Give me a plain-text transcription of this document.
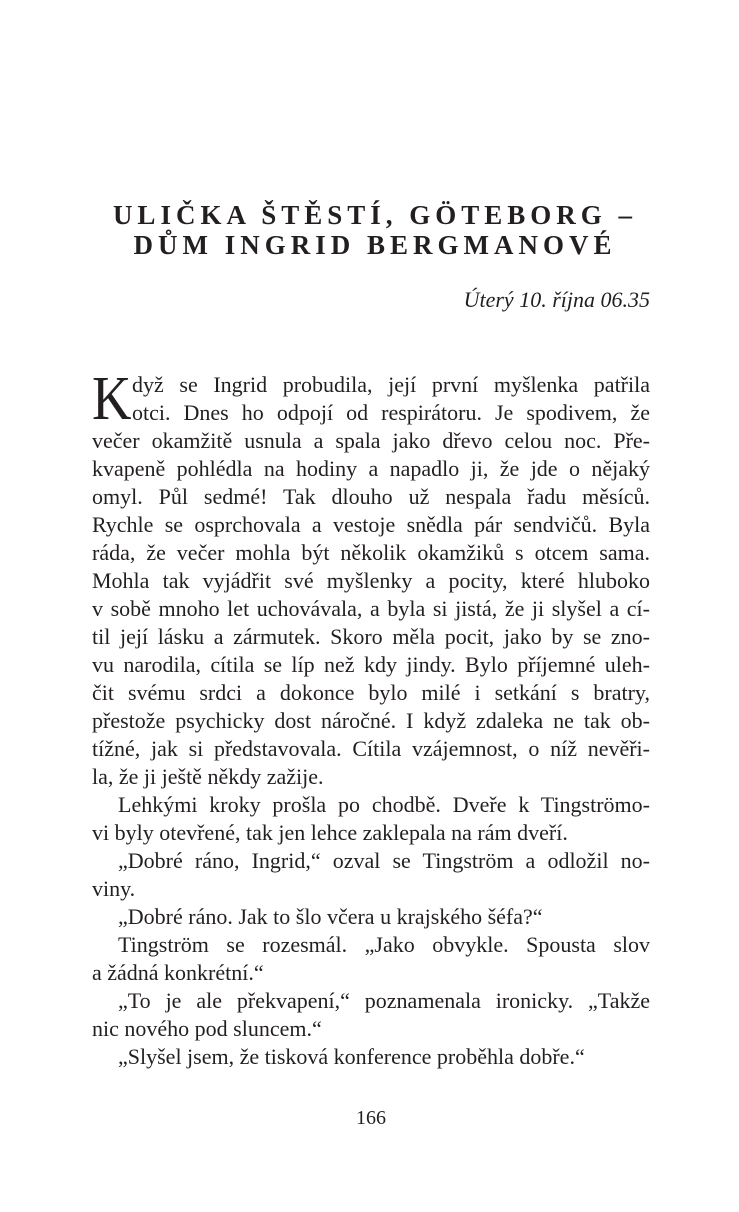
ULIČKA ŠTĚSTÍ, GÖTEBORG –
DŮM INGRID BERGMANOVÉ
Úterý 10. října 06.35
K dyž se Ingrid probudila, její první myšlenka patřila
otci. Dnes ho odpojí od respirátoru. Je spodivem, že
večer okamžitě usnula a spala jako dřevo celou noc. Pře-
kvapeně pohlédla na hodiny a napadlo ji, že jde o nějaký
omyl. Půl sedmé! Tak dlouho už nespala řadu měsíců.
Rychle se osprchovala a vestoje snědla pár sendvičů. Byla
ráda, že večer mohla být několik okamžiků s otcem sama.
Mohla tak vyjádřit své myšlenky a pocity, které hluboko
v sobě mnoho let uchovávala, a byla si jistá, že ji slyšel a cí-
til její lásku a zármutek. Skoro měla pocit, jako by se zno-
vu narodila, cítila se líp než kdy jindy. Bylo příjemné uleh-
čit svému srdci a dokonce bylo milé i setkání s bratry,
přestože psychicky dost náročné. I když zdaleka ne tak ob-
tížné, jak si představovala. Cítila vzájemnost, o níž nevěři-
la, že ji ještě někdy zažije.
Lehkými kroky prošla po chodbě. Dveře k Tingströmo-
vi byly otevřené, tak jen lehce zaklepala na rám dveří.
„Dobré ráno, Ingrid,“ ozval se Tingström a odložil no-
viny.
„Dobré ráno. Jak to šlo včera u krajského šéfa?“
Tingström se rozesmál. „Jako obvykle. Spousta slov
a žádná konkrétní.“
„To je ale překvapení,“ poznamenala ironicky. „Takže
nic nového pod sluncem.“
„Slyšel jsem, že tisková konference proběhla dobře.“
166
